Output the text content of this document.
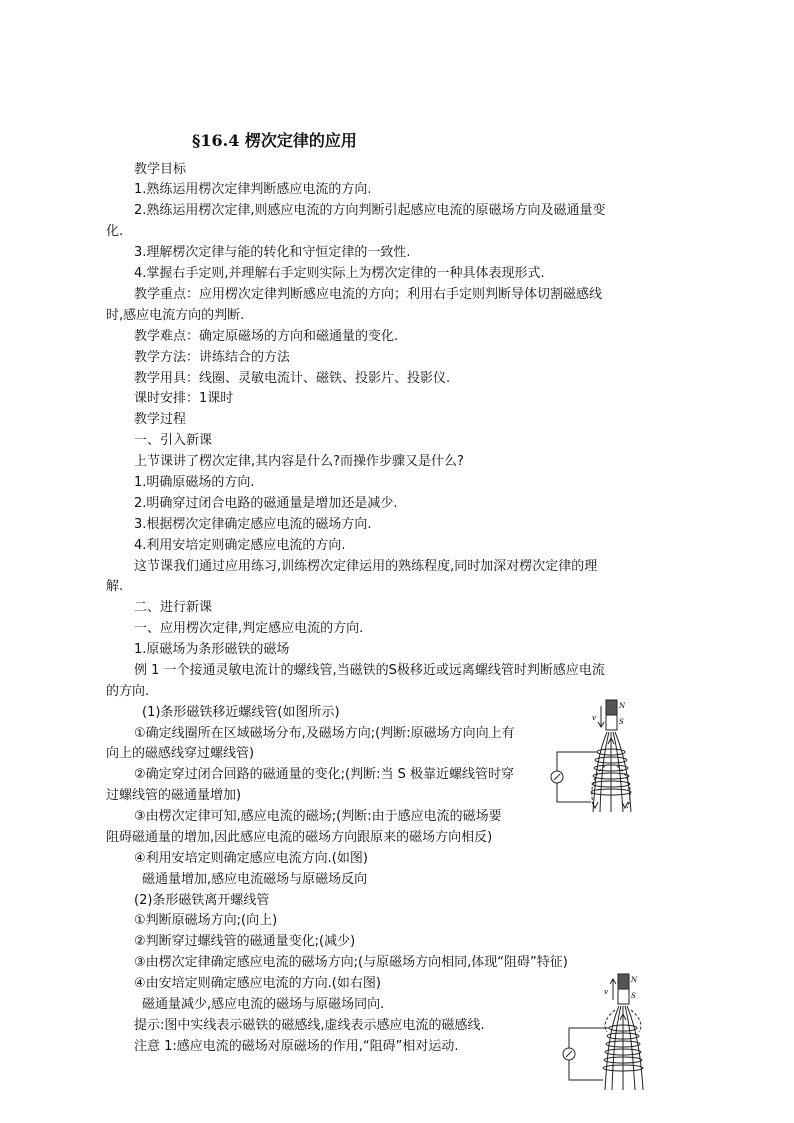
§16.4 楞次定律的应用
教学目标
1.熟练运用楞次定律判断感应电流的方向.
2.熟练运用楞次定律,则感应电流的方向判断引起感应电流的原磁场方向及磁通量变
化.
3.理解楞次定律与能的转化和守恒定律的一致性.
4.掌握右手定则,并理解右手定则实际上为楞次定律的一种具体表现形式.
教学重点：应用楞次定律判断感应电流的方向；利用右手定则判断导体切割磁感线
时,感应电流方向的判断.
教学难点：确定原磁场的方向和磁通量的变化.
教学方法：讲练结合的方法
教学用具：线圈、灵敏电流计、磁铁、投影片、投影仪.
课时安排：1课时
教学过程
一、引入新课
上节课讲了楞次定律,其内容是什么?而操作步骤又是什么?
1.明确原磁场的方向.
2.明确穿过闭合电路的磁通量是增加还是减少.
3.根据楞次定律确定感应电流的磁场方向.
4.利用安培定则确定感应电流的方向.
这节课我们通过应用练习,训练楞次定律运用的熟练程度,同时加深对楞次定律的理
解.
二、进行新课
一、应用楞次定律,判定感应电流的方向.
1.原磁场为条形磁铁的磁场
例 1 一个接通灵敏电流计的螺线管,当磁铁的S极移近或远离螺线管时判断感应电流
的方向.
(1)条形磁铁移近螺线管(如图所示)
①确定线圈所在区域磁场分布,及磁场方向;(判断:原磁场方向向上有
向上的磁感线穿过螺线管)
②确定穿过闭合回路的磁通量的变化;(判断:当 S 极靠近螺线管时穿
过螺线管的磁通量增加)
③由楞次定律可知,感应电流的磁场;(判断:由于感应电流的磁场要
阻碍磁通量的增加,因此感应电流的磁场方向跟原来的磁场方向相反)
④利用安培定则确定感应电流方向.(如图)
磁通量增加,感应电流磁场与原磁场反向
(2)条形磁铁离开螺线管
①判断原磁场方向;(向上)
②判断穿过螺线管的磁通量变化;(减少)
③由楞次定律确定感应电流的磁场方向;(与原磁场方向相同,体现“阻碍”特征)
④由安培定则确定感应电流的方向.(如右图)
磁通量减少,感应电流的磁场与原磁场同向.
提示:图中实线表示磁铁的磁感线,虚线表示感应电流的磁感线.
注意 1:感应电流的磁场对原磁场的作用,“阻碍”相对运动.
N
S
v
N
S
v
